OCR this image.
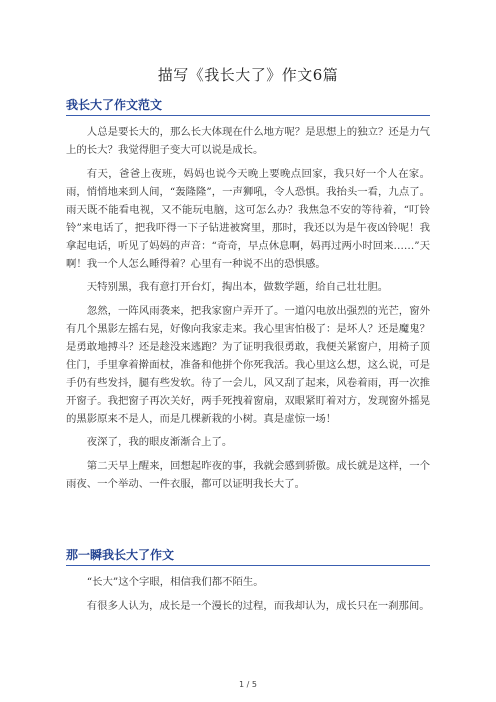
描写《我长大了》作文6篇
我长大了作文范文

人总是要长大的，那么长大体现在什么地方呢？是思想上的独立？还是力气上的长大？我觉得胆子变大可以说是成长。

有天，爸爸上夜班，妈妈也说今天晚上要晚点回家，我只好一个人在家。雨，悄悄地来到人间，“轰隆隆”，一声狮吼，令人恐惧。我抬头一看，九点了。雨天既不能看电视，又不能玩电脑，这可怎么办？我焦急不安的等待着，“叮铃铃”来电话了，把我吓得一下子钻进被窝里，那时，我还以为是午夜凶铃呢！我拿起电话，听见了妈妈的声音：“奇奇，早点休息啊，妈再过两小时回来……”天啊！我一个人怎么睡得着？心里有一种说不出的恐惧感。

天特别黑，我有意打开台灯，掏出本，做数学题，给自己壮壮胆。

忽然，一阵风雨袭来，把我家窗户弄开了。一道闪电放出强烈的光芒，窗外有几个黑影左摇右晃，好像向我家走来。我心里害怕极了：是坏人？还是魔鬼？是勇敢地搏斗？还是趁没来逃跑？为了证明我很勇敢，我便关紧窗户，用椅子顶住门，手里拿着擀面杖，准备和他拼个你死我活。我心里这么想，这么说，可是手仍有些发抖，腿有些发软。待了一会儿，风又刮了起来，风卷着雨，再一次推开窗子。我把窗子再次关好，两手死拽着窗扇，双眼紧盯着对方，发现窗外摇晃的黑影原来不是人，而是几棵新栽的小树。真是虚惊一场！

夜深了，我的眼皮渐渐合上了。

第二天早上醒来，回想起昨夜的事，我就会感到骄傲。成长就是这样，一个雨夜、一个举动、一件衣服，都可以证明我长大了。

那一瞬我长大了作文

“长大”这个字眼，相信我们都不陌生。

有很多人认为，成长是一个漫长的过程，而我却认为，成长只在一刹那间。

1 / 5
